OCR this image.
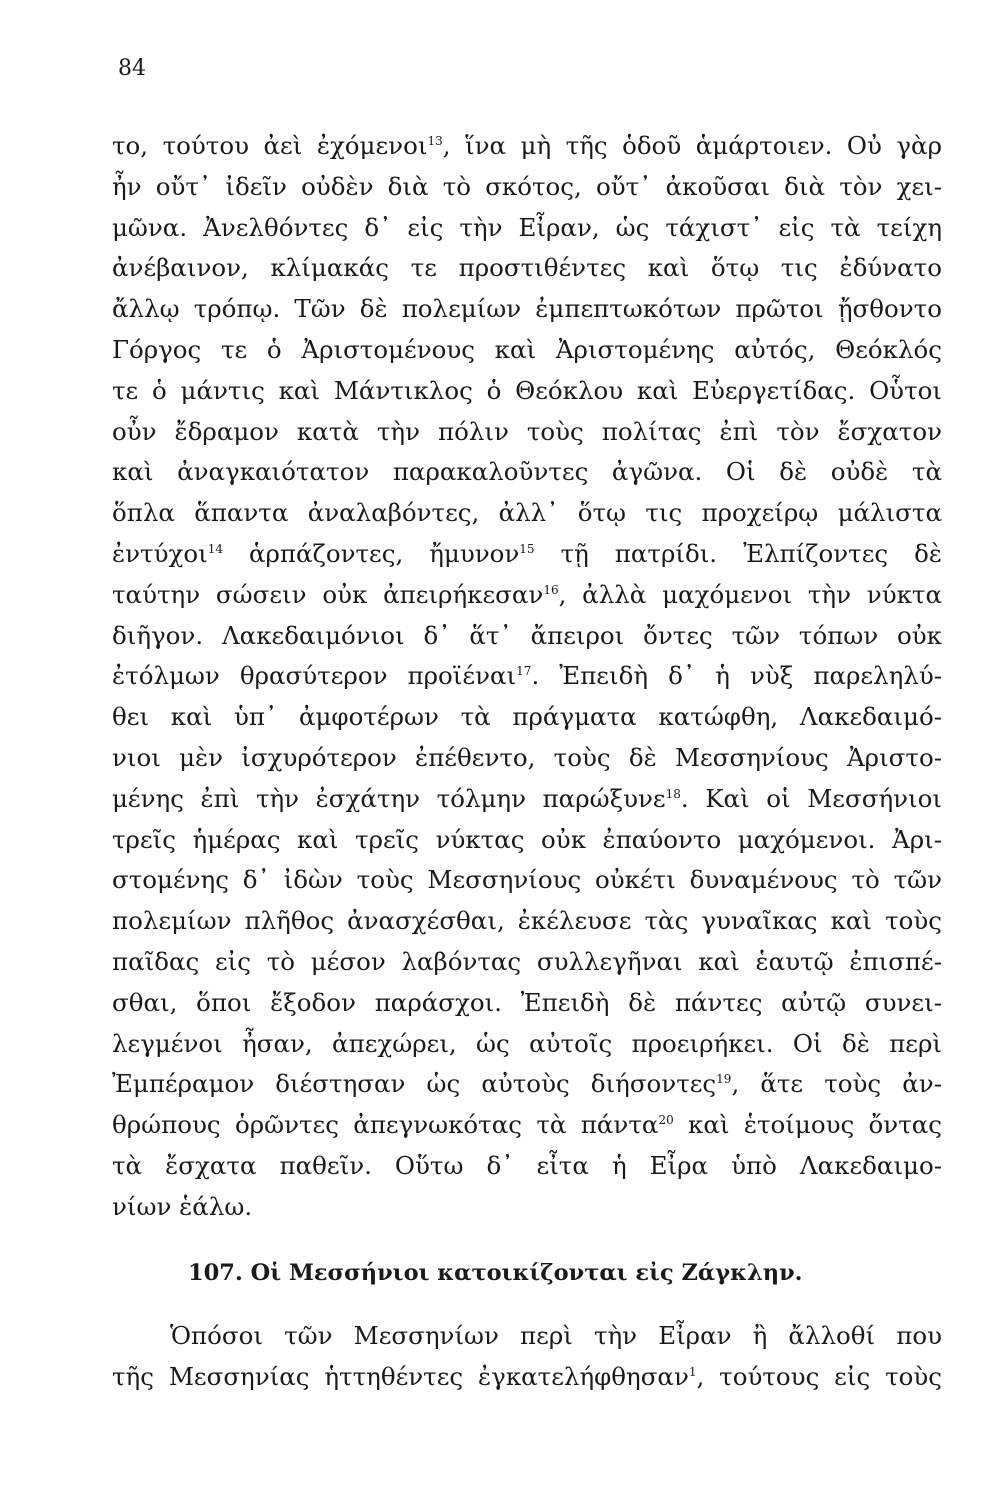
84
το, τούτου ἀεὶ ἐχόμενοι$^{13}$, ἵνα μὴ τῆς ὁδοῦ ἁμάρτοιεν. Οὐ γὰρ
ἦν οὔτ᾿ ἰδεῖν οὐδὲν διὰ τὸ σκότος, οὔτ᾿ ἀκοῦσαι διὰ τὸν χει-
μῶνα. Ἀνελθόντες δ᾿ εἰς τὴν Εἶραν, ὡς τάχιστ᾿ εἰς τὰ τείχη
ἀνέβαινον, κλίμακάς τε προστιθέντες καὶ ὅτῳ τις ἐδύνατο
ἄλλῳ τρόπῳ. Τῶν δὲ πολεμίων ἐμπεπτωκότων πρῶτοι ᾔσθοντο
Γόργος τε ὁ Ἀριστομένους καὶ Ἀριστομένης αὐτός, Θεόκλός
τε ὁ μάντις καὶ Μάντικλος ὁ Θεόκλου καὶ Εὐεργετίδας. Οὗτοι
οὖν ἔδραμον κατὰ τὴν πόλιν τοὺς πολίτας ἐπὶ τὸν ἔσχατον
καὶ ἀναγκαιότατον παρακαλοῦντες ἀγῶνα. Οἱ δὲ οὐδὲ τὰ
ὅπλα ἅπαντα ἀναλαβόντες, ἀλλ᾿ ὅτῳ τις προχείρῳ μάλιστα
ἐντύχοι$^{14}$ ἁρπάζοντες, ἤμυνον$^{15}$ τῇ πατρίδι. Ἐλπίζοντες δὲ
ταύτην σώσειν οὐκ ἀπειρήκεσαν$^{16}$, ἀλλὰ μαχόμενοι τὴν νύκτα
διῆγον. Λακεδαιμόνιοι δ᾿ ἅτ᾿ ἄπειροι ὄντες τῶν τόπων οὐκ
ἐτόλμων θρασύτερον προϊέναι$^{17}$. Ἐπειδὴ δ᾿ ἡ νὺξ παρεληλύ-
θει καὶ ὑπ᾿ ἀμφοτέρων τὰ πράγματα κατώφθη, Λακεδαιμό-
νιοι μὲν ἰσχυρότερον ἐπέθεντο, τοὺς δὲ Μεσσηνίους Ἀριστο-
μένης ἐπὶ τὴν ἐσχάτην τόλμην παρώξυνε$^{18}$. Καὶ οἱ Μεσσήνιοι
τρεῖς ἡμέρας καὶ τρεῖς νύκτας οὐκ ἐπαύοντο μαχόμενοι. Ἀρι-
στομένης δ᾿ ἰδὼν τοὺς Μεσσηνίους οὐκέτι δυναμένους τὸ τῶν
πολεμίων πλῆθος ἀνασχέσθαι, ἐκέλευσε τὰς γυναῖκας καὶ τοὺς
παῖδας εἰς τὸ μέσον λαβόντας συλλεγῆναι καὶ ἑαυτῷ ἐπισπέ-
σθαι, ὅποι ἔξοδον παράσχοι. Ἐπειδὴ δὲ πάντες αὐτῷ συνει-
λεγμένοι ἦσαν, ἀπεχώρει, ὡς αὐτοῖς προειρήκει. Οἱ δὲ περὶ
Ἐμπέραμον διέστησαν ὡς αὐτοὺς διήσοντες$^{19}$, ἅτε τοὺς ἀν-
θρώπους ὁρῶντες ἀπεγνωκότας τὰ πάντα$^{20}$ καὶ ἑτοίμους ὄντας
τὰ ἔσχατα παθεῖν. Οὕτω δ᾿ εἶτα ἡ Εἶρα ὑπὸ Λακεδαιμο-
νίων ἑάλω.
107. Οἱ Μεσσήνιοι κατοικίζονται εἰς Ζάγκλην.
Ὁπόσοι τῶν Μεσσηνίων περὶ τὴν Εἶραν ἢ ἄλλοθί που
τῆς Μεσσηνίας ἡττηθέντες ἐγκατελήφθησαν$^1$, τούτους εἰς τοὺς
